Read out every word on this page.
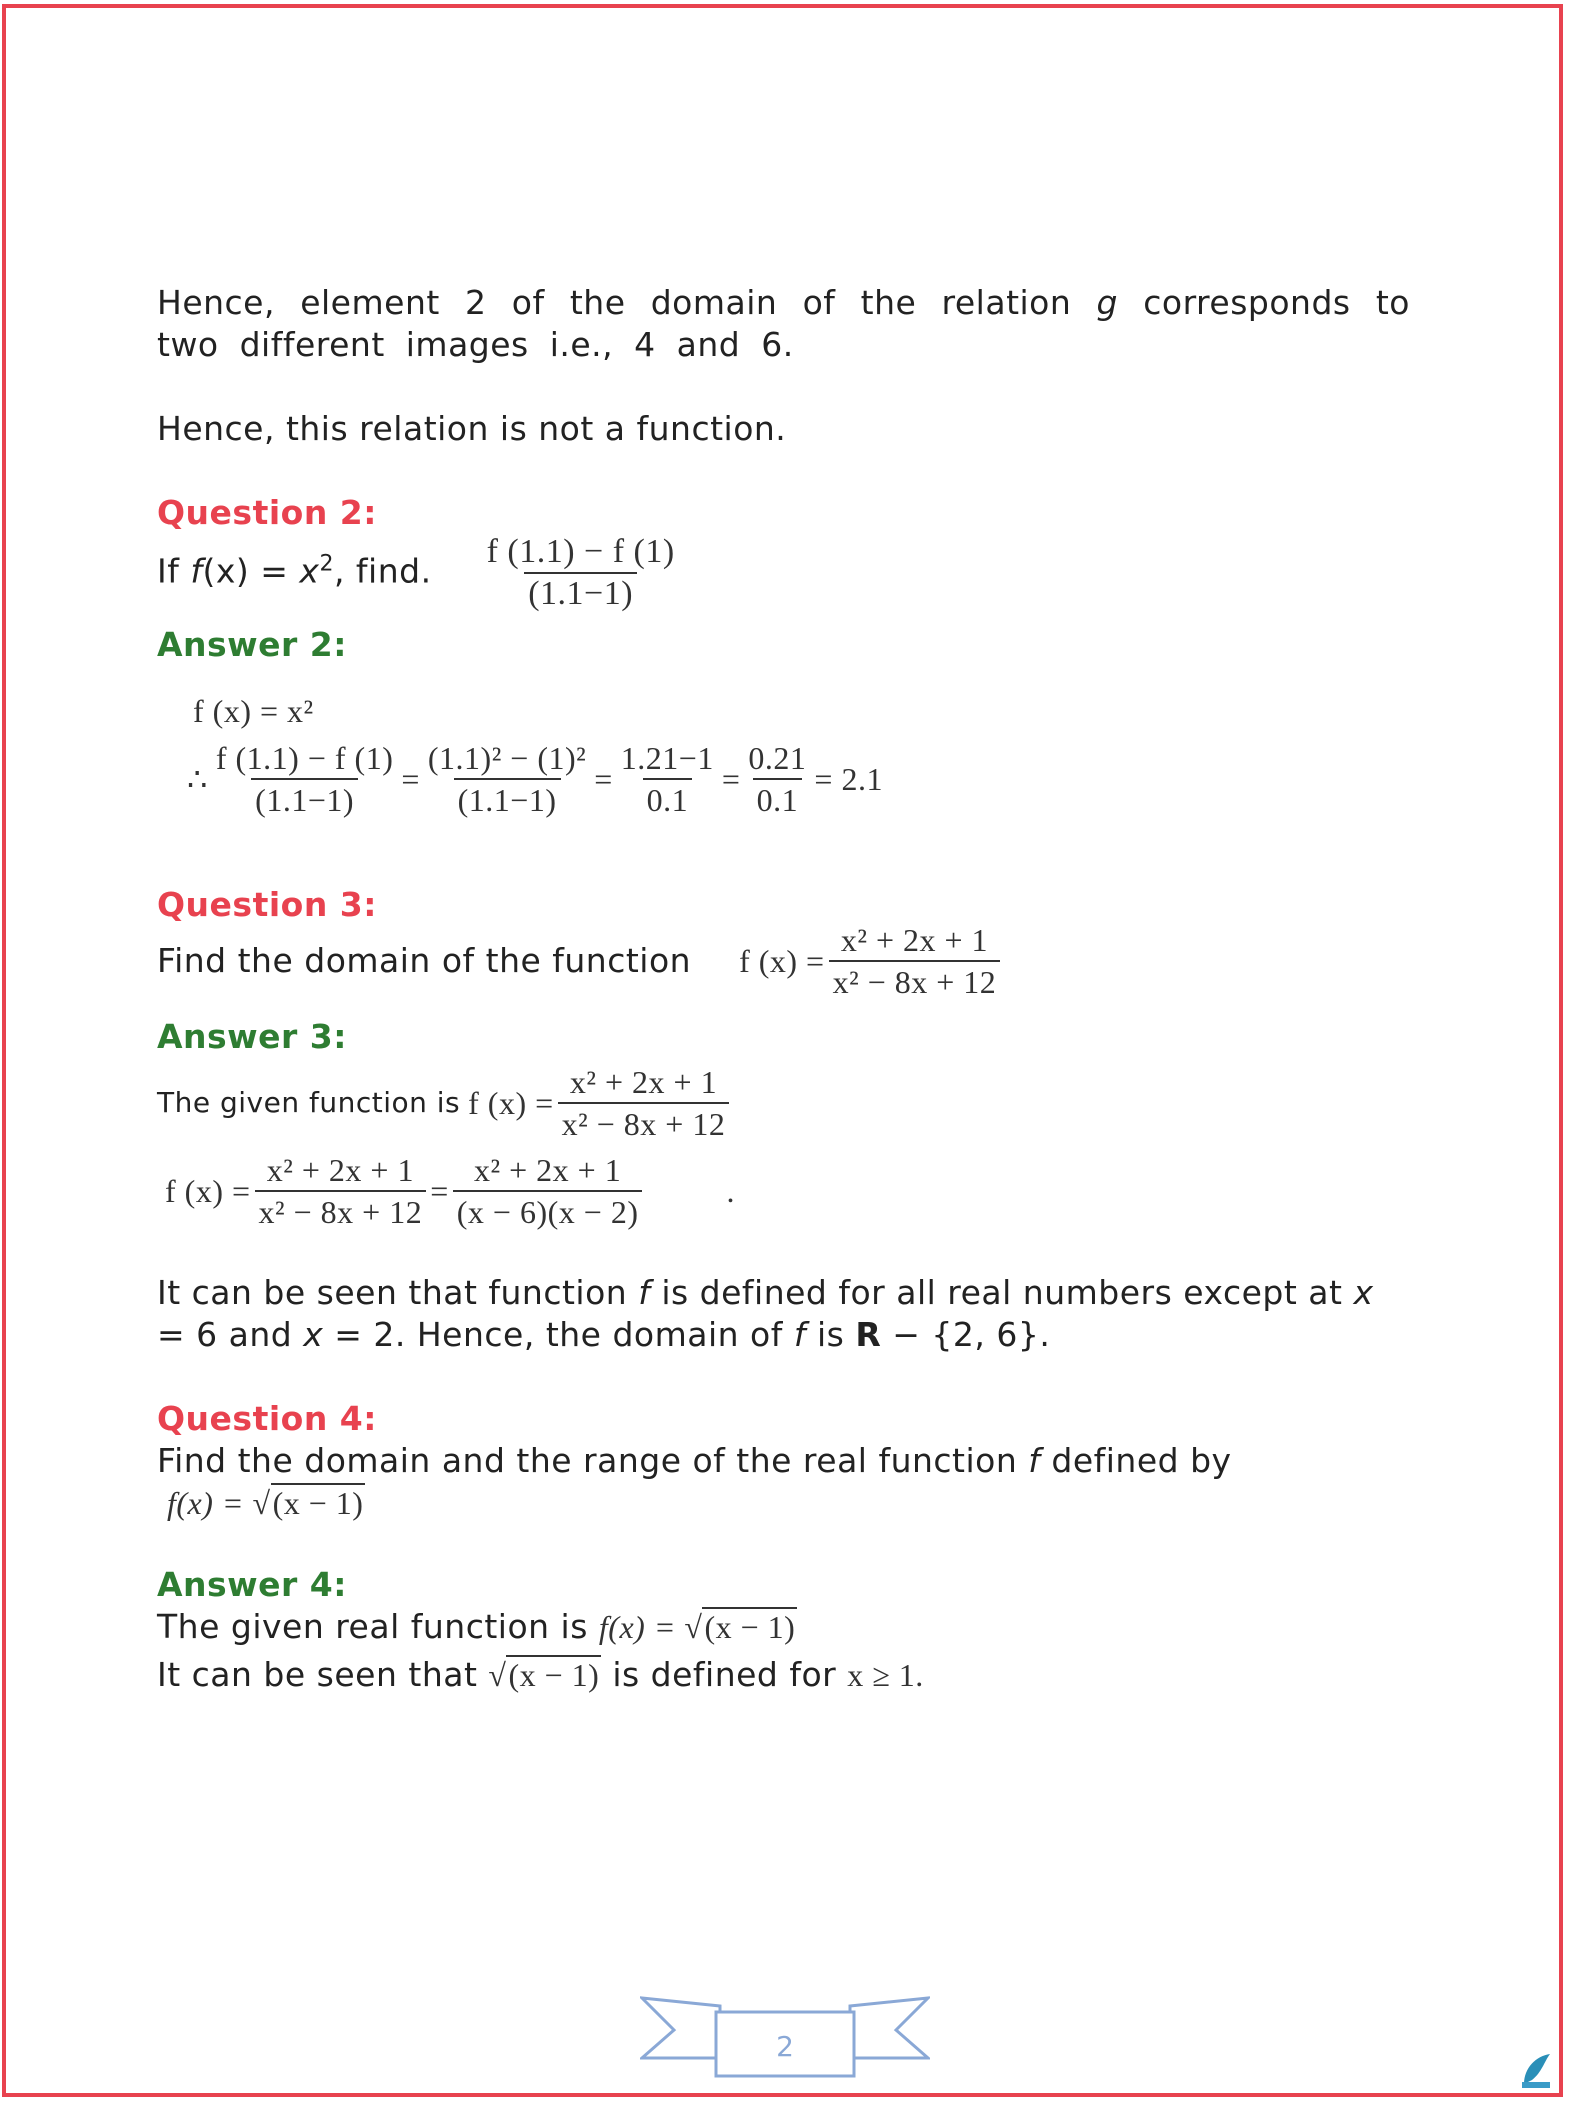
Hence, element 2 of the domain of the relation g corresponds to two different images i.e., 4 and 6.

Hence, this relation is not a function.

Question 2:
If $f(x) = x^2$, find. $\frac{f (1.1) - f (1)}{(1.1-1)}$
Answer 2:
f (x) = x²
∴ $\frac{f (1.1) - f (1)}{(1.1-1)} = \frac{\text{(1.1)² − (1)²}}{(1.1-1)} = \frac{1.21-1}{0.1} = \frac{0.21}{0.1} = 2.1$
Question 3:
Find the domain of the function f $(x) = \frac{\text{x² + 2x + 1}}{\text{x² − 8x + 12}}$
Answer 3:
The given function is f $(x) = \frac{\text{x² + 2x + 1}}{\text{x² − 8x + 12}}$
f $(x) = \frac{\text{x² + 2x + 1}}{\text{x² − 8x + 12}} = \frac{\text{x² + 2x + 1}}{(x - 6)(x - 2)}$	.

It can be seen that function f is defined for all real numbers except at x = 6 and x = 2. Hence, the domain of f is R − {2, 6}.

Question 4:
Find the domain and the range of the real function f defined by
f(x) = √(x − 1)
Answer 4:
The given real function is f(x) = √(x − 1)
It can be seen that √(x − 1) is defined for x ≥ 1.
2
